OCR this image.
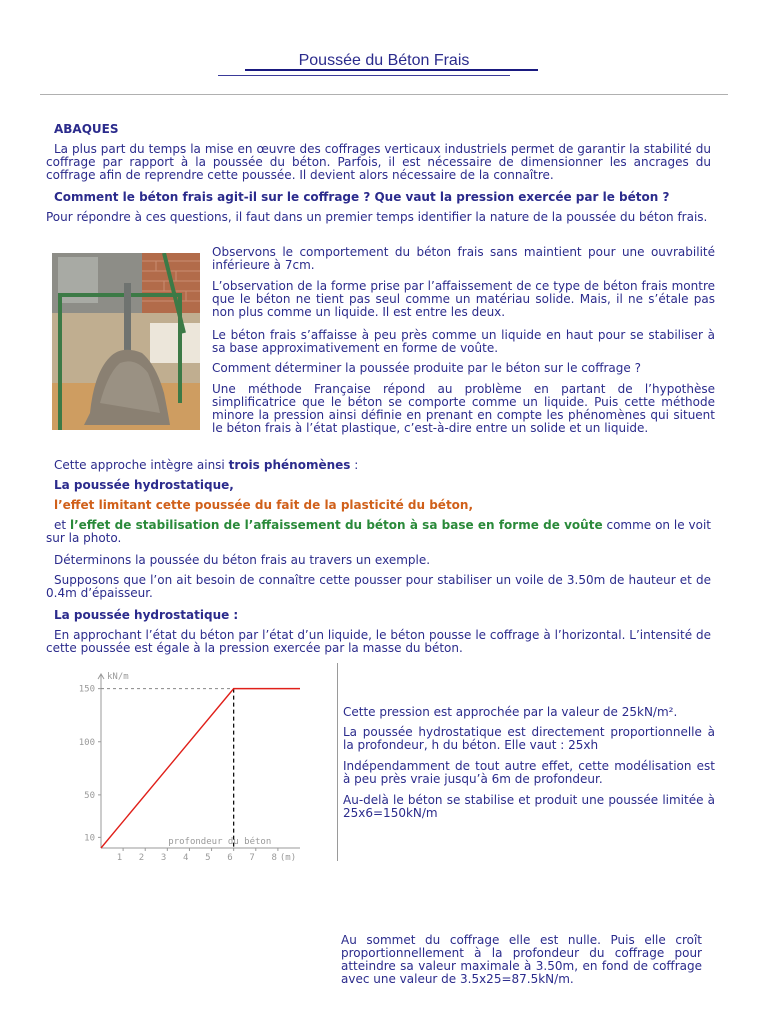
Poussée du Béton Frais

ABAQUES

La plus part du temps la mise en œuvre des coffrages verticaux industriels permet de garantir la stabilité du coffrage par rapport à la poussée du béton. Parfois, il est nécessaire de dimensionner les ancrages du coffrage afin de reprendre cette poussée. Il devient alors nécessaire de la connaître.

Comment le béton frais agit-il sur le coffrage ? Que vaut la pression exercée par le béton ?

Pour répondre à ces questions, il faut dans un premier temps identifier la nature de la poussée du béton frais.

Observons le comportement du béton frais sans maintient pour une ouvrabilité inférieure à 7cm.

L’observation de la forme prise par l’affaissement de ce type de béton frais montre que le béton ne tient pas seul comme un matériau solide. Mais, il ne s’étale pas non plus comme un liquide. Il est entre les deux.

Le béton frais s’affaisse à peu près comme un liquide en haut pour se stabiliser à sa base approximativement en forme de voûte.

Comment déterminer la poussée produite par le béton sur le coffrage ?

Une méthode Française répond au problème en partant de l’hypothèse simplificatrice que le béton se comporte comme un liquide. Puis cette méthode minore la pression ainsi définie en prenant en compte les phénomènes qui situent le béton frais à l’état plastique, c’est-à-dire entre un solide et un liquide.

Cette approche intègre ainsi trois phénomènes :

La poussée hydrostatique,

l’effet limitant cette poussée du fait de la plasticité du béton,

et l’effet de stabilisation de l’affaissement du béton à sa base en forme de voûte comme on le voit sur la photo.

Déterminons la poussée du béton frais au travers un exemple.

Supposons que l’on ait besoin de connaître cette pousser pour stabiliser un voile de 3.50m de hauteur et de 0.4m d’épaisseur.

La poussée hydrostatique :

En approchant l’état du béton par l’état d’un liquide, le béton pousse le coffrage à l’horizontal. L’intensité de cette poussée est égale à la pression exercée par la masse du béton.

kN/m
10
50
100
150
1 2 3 4 5 6 7 8 (m)
profondeur du béton

Cette pression est approchée par la valeur de 25kN/m².

La poussée hydrostatique est directement proportionnelle à la profondeur, h du béton. Elle vaut : 25xh

Indépendamment de tout autre effet, cette modélisation est à peu près vraie jusqu’à 6m de profondeur.

Au-delà le béton se stabilise et produit une poussée limitée à 25x6=150kN/m

Au sommet du coffrage elle est nulle. Puis elle croît proportionnellement à la profondeur du coffrage pour atteindre sa valeur maximale à 3.50m, en fond de coffrage avec une valeur de 3.5x25=87.5kN/m.
